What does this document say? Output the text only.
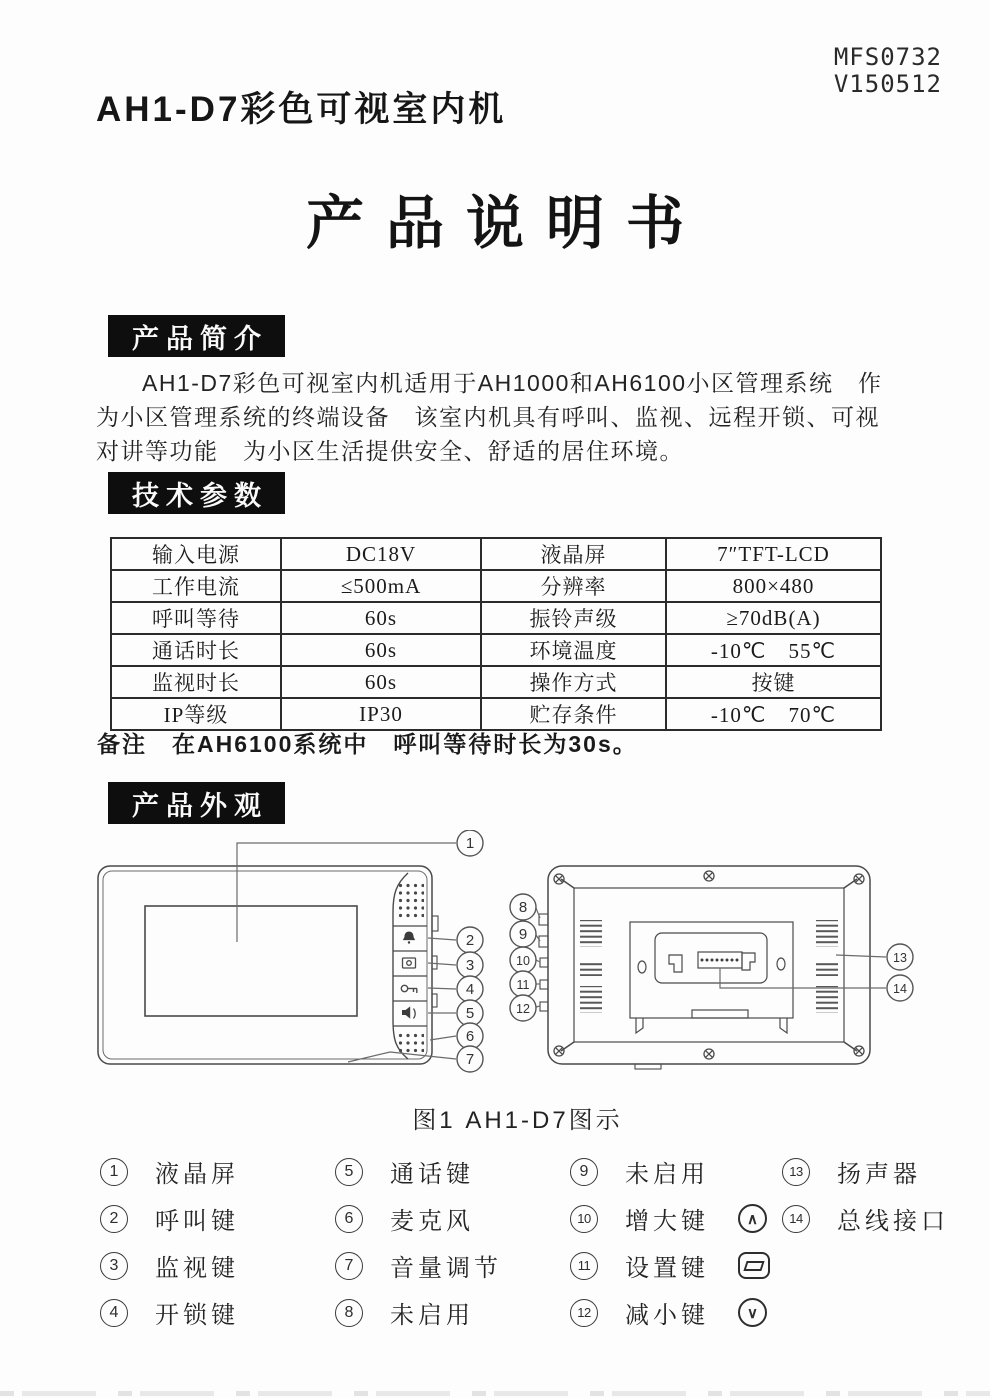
MFS0732
V150512
AH1-D7彩色可视室内机
产品说明书
产品简介
AH1-D7彩色可视室内机适用于AH1000和AH6100小区管理系统　作为小区管理系统的终端设备　该室内机具有呼叫、监视、远程开锁、可视对讲等功能　为小区生活提供安全、舒适的居住环境。
技术参数
输入电源	DC18V	液晶屏	7″TFT-LCD
工作电流	≤500mA	分辨率	800×480
呼叫等待	60s	振铃声级	≥70dB(A)
通话时长	60s	环境温度	-10℃　55℃
监视时长	60s	操作方式	按键
IP等级	IP30	贮存条件	-10℃　70℃
备注　在AH6100系统中　呼叫等待时长为30s。
产品外观
1
2
3
4
5
6
7
8
9
10
11
12
13
14
图1 AH1-D7图示
1	液晶屏
2	呼叫键
3	监视键
4	开锁键
5	通话键
6	麦克风
7	音量调节
8	未启用
9	未启用
10	增大键	∧
11	设置键
12	减小键	∨
13	扬声器
14	总线接口
